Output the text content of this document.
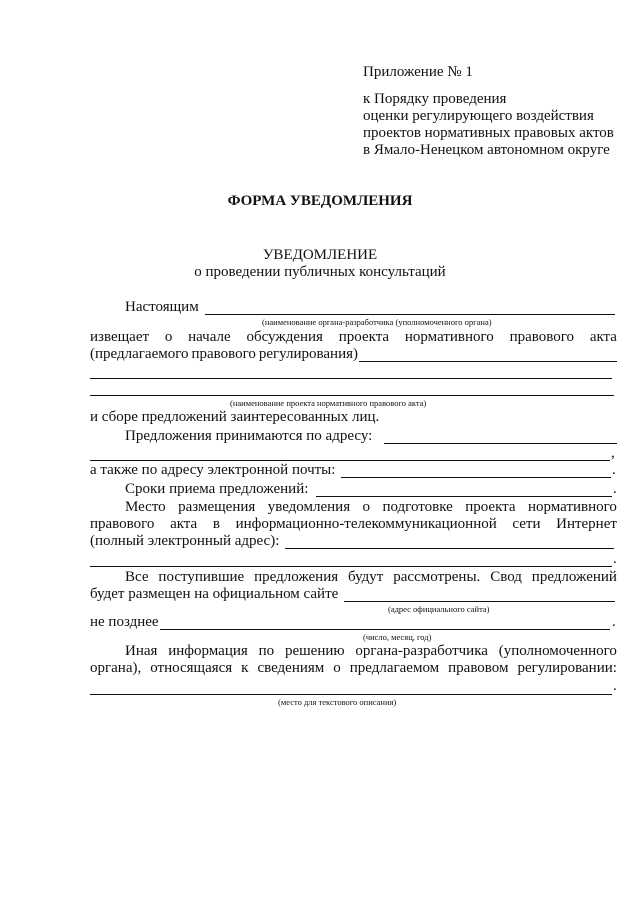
Приложение № 1
к Порядку проведения
оценки регулирующего воздействия
проектов нормативных правовых актов
в Ямало-Ненецком автономном округе
ФОРМА УВЕДОМЛЕНИЯ
УВЕДОМЛЕНИЕ
о проведении публичных консультаций
Настоящим
(наименование органа-разработчика (уполномоченного органа)
извещает о начале обсуждения проекта нормативного правового акта
(предлагаемого правового регулирования)
(наименование проекта нормативного правового акта)
и сборе предложений заинтересованных лиц.
Предложения принимаются по адресу:
,
а также по адресу электронной почты:	.
Сроки приема предложений:	.
Место размещения уведомления о подготовке проекта нормативного
правового акта в информационно-телекоммуникационной сети Интернет
(полный электронный адрес):
.
Все поступившие предложения будут рассмотрены. Свод предложений
будет размещен на официальном сайте
(адрес официального сайта)
не позднее	.
(число, месяц, год)
Иная информация по решению органа-разработчика (уполномоченного
органа), относящаяся к сведениям о предлагаемом правовом регулировании:
.
(место для текстового описания)
